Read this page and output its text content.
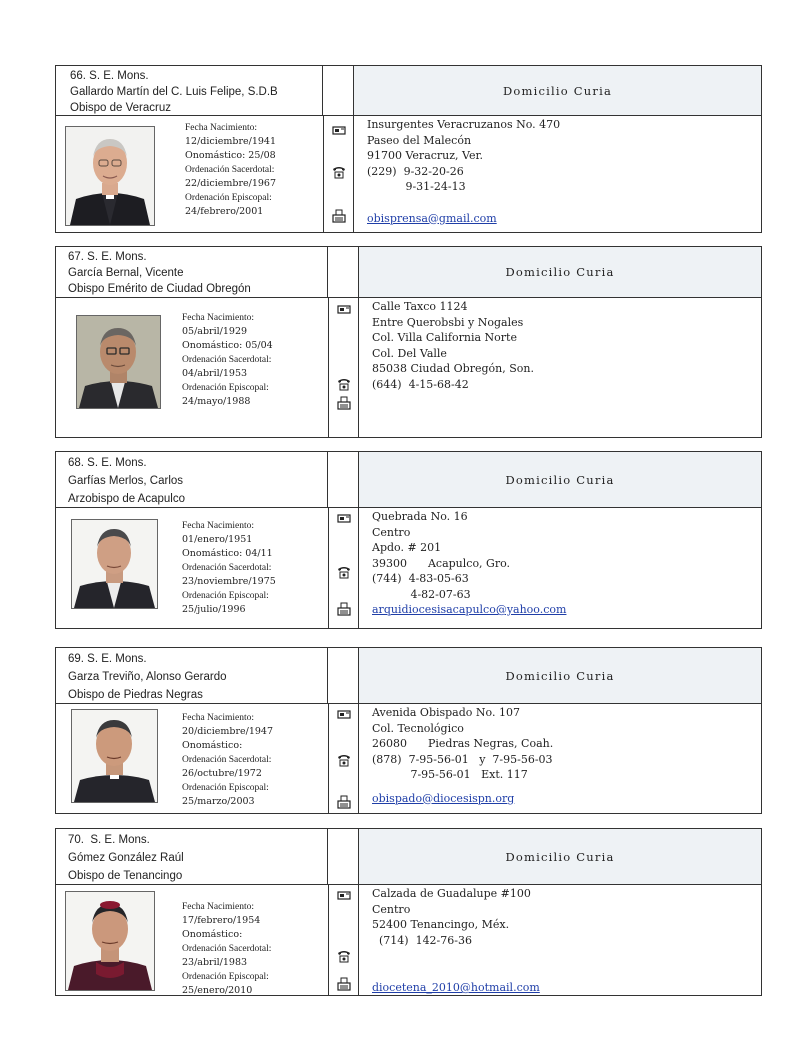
66. S. E. Mons.
Gallardo Martín del C. Luis Felipe, S.D.B
Obispo de Veracruz
Domicilio Curia
Fecha Nacimiento:
12/diciembre/1941
Onomástico: 25/08
Ordenación Sacerdotal:
22/diciembre/1967
Ordenación Episcopal:
24/febrero/2001
Insurgentes Veracruzanos No. 470
Paseo del Malecón
91700 Veracruz, Ver.
(229)  9-32-20-26
9-31-24-13
obisprensa@gmail.com
67. S. E. Mons.
García Bernal, Vicente
Obispo Emérito de Ciudad Obregón
Domicilio Curia
Fecha Nacimiento:
05/abril/1929
Onomástico: 05/04
Ordenación Sacerdotal:
04/abril/1953
Ordenación Episcopal:
24/mayo/1988
Calle Taxco 1124
Entre Querobsbi y Nogales
Col. Villa California Norte
Col. Del Valle
85038 Ciudad Obregón, Son.
(644)  4-15-68-42
68. S. E. Mons.
Garfías Merlos, Carlos
Arzobispo de Acapulco
Domicilio Curia
Fecha Nacimiento:
01/enero/1951
Onomástico: 04/11
Ordenación Sacerdotal:
23/noviembre/1975
Ordenación Episcopal:
25/julio/1996
Quebrada No. 16
Centro
Apdo. # 201
39300      Acapulco, Gro.
(744)  4-83-05-63
4-82-07-63
arquidiocesisacapulco@yahoo.com
69. S. E. Mons.
Garza Treviño, Alonso Gerardo
Obispo de Piedras Negras
Domicilio Curia
Fecha Nacimiento:
20/diciembre/1947
Onomástico:
Ordenación Sacerdotal:
26/octubre/1972
Ordenación Episcopal:
25/marzo/2003
Avenida Obispado No. 107
Col. Tecnológico
26080      Piedras Negras, Coah.
(878)  7-95-56-01   y  7-95-56-03
7-95-56-01   Ext. 117
obispado@diocesispn.org
70.  S. E. Mons.
Gómez González Raúl
Obispo de Tenancingo
Domicilio Curia
Fecha Nacimiento:
17/febrero/1954
Onomástico:
Ordenación Sacerdotal:
23/abril/1983
Ordenación Episcopal:
25/enero/2010
Calzada de Guadalupe #100
Centro
52400 Tenancingo, Méx.
(714)  142-76-36
diocetena_2010@hotmail.com
